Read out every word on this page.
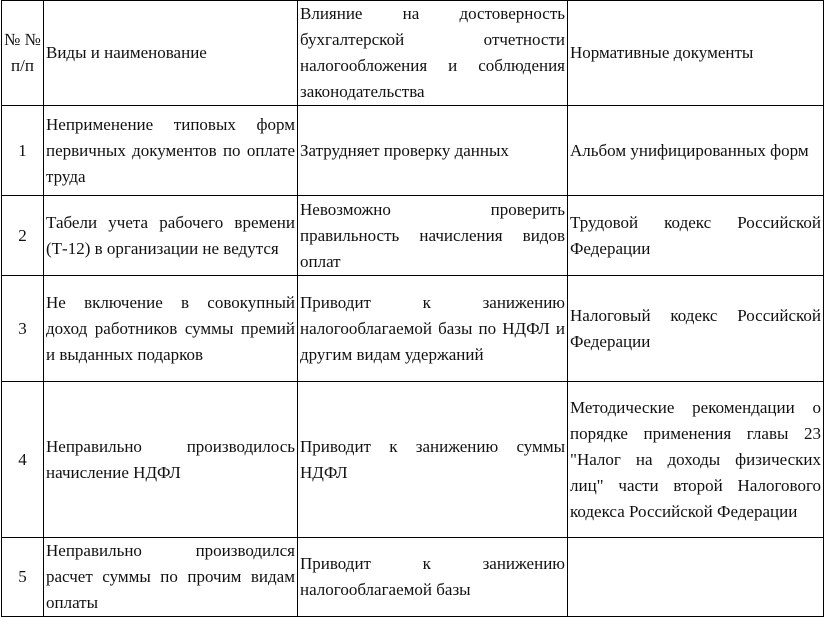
№ № п/п	Виды и наименование	Влияние на достоверность бухгалтерской отчетности налогообложения и соблюдения законодательства	Нормативные документы
1	Неприменение типовых форм первичных документов по оплате труда	Затрудняет проверку данных	Альбом унифицированных форм
2	Табели учета рабочего времени (Т-12) в организации не ведутся	Невозможно проверить правильность начисления видов оплат	Трудовой кодекс Российской Федерации
3	Не включение в совокупный доход работников суммы премий и выданных подарков	Приводит к занижению налогооблагаемой базы по НДФЛ и другим видам удержаний	Налоговый кодекс Российской Федерации
4	Неправильно производилось начисление НДФЛ	Приводит к занижению суммы НДФЛ	Методические рекомендации о порядке применения главы 23 "Налог на доходы физических лиц" части второй Налогового кодекса Российской Федерации
5	Неправильно производился расчет суммы по прочим видам оплаты	Приводит к занижению налогооблагаемой базы	
